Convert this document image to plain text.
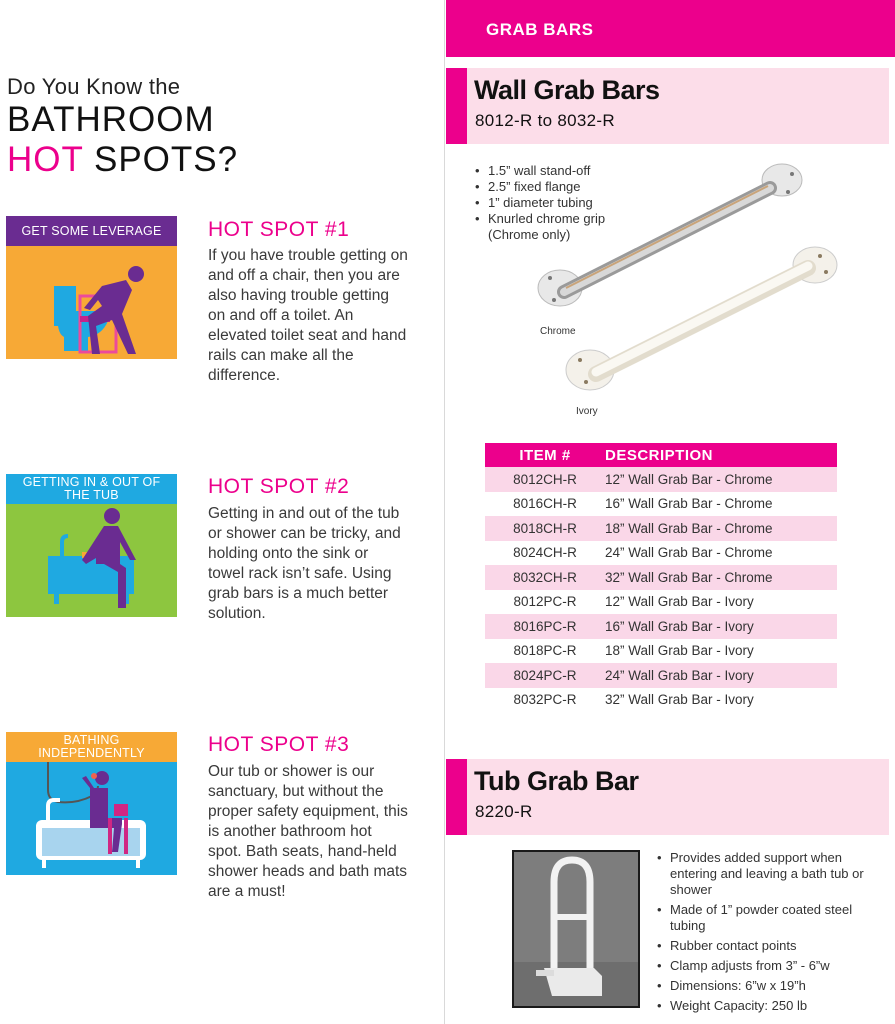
Do You Know the
BATHROOM
HOT SPOTS?
GET SOME LEVERAGE	HOT SPOT #1
If you have trouble getting on and off a chair, then you are also having trouble getting on and off a toilet. An elevated toilet seat and hand rails can make all the difference.
GETTING IN & OUT OF THE TUB	HOT SPOT #2
Getting in and out of the tub or shower can be tricky, and holding onto the sink or towel rack isn’t safe. Using grab bars is a much better solution.
BATHING INDEPENDENTLY	HOT SPOT #3
Our tub or shower is our sanctuary, but without the proper safety equipment, this is another bathroom hot spot. Bath seats, hand-held shower heads and bath mats are a must!
GRAB BARS
Wall Grab Bars
8012-R to 8032-R
• 1.5” wall stand-off
• 2.5” fixed flange
• 1” diameter tubing
• Knurled chrome grip (Chrome only)
Chrome
Ivory
ITEM #	DESCRIPTION
8012CH-R	12” Wall Grab Bar - Chrome
8016CH-R	16” Wall Grab Bar - Chrome
8018CH-R	18” Wall Grab Bar - Chrome
8024CH-R	24” Wall Grab Bar - Chrome
8032CH-R	32” Wall Grab Bar - Chrome
8012PC-R	12” Wall Grab Bar - Ivory
8016PC-R	16” Wall Grab Bar - Ivory
8018PC-R	18” Wall Grab Bar - Ivory
8024PC-R	24” Wall Grab Bar - Ivory
8032PC-R	32” Wall Grab Bar - Ivory
Tub Grab Bar
8220-R
• Provides added support when entering and leaving a bath tub or shower
• Made of 1” powder coated steel tubing
• Rubber contact points
• Clamp adjusts from 3” - 6”w
• Dimensions: 6”w x 19”h
• Weight Capacity: 250 lb
